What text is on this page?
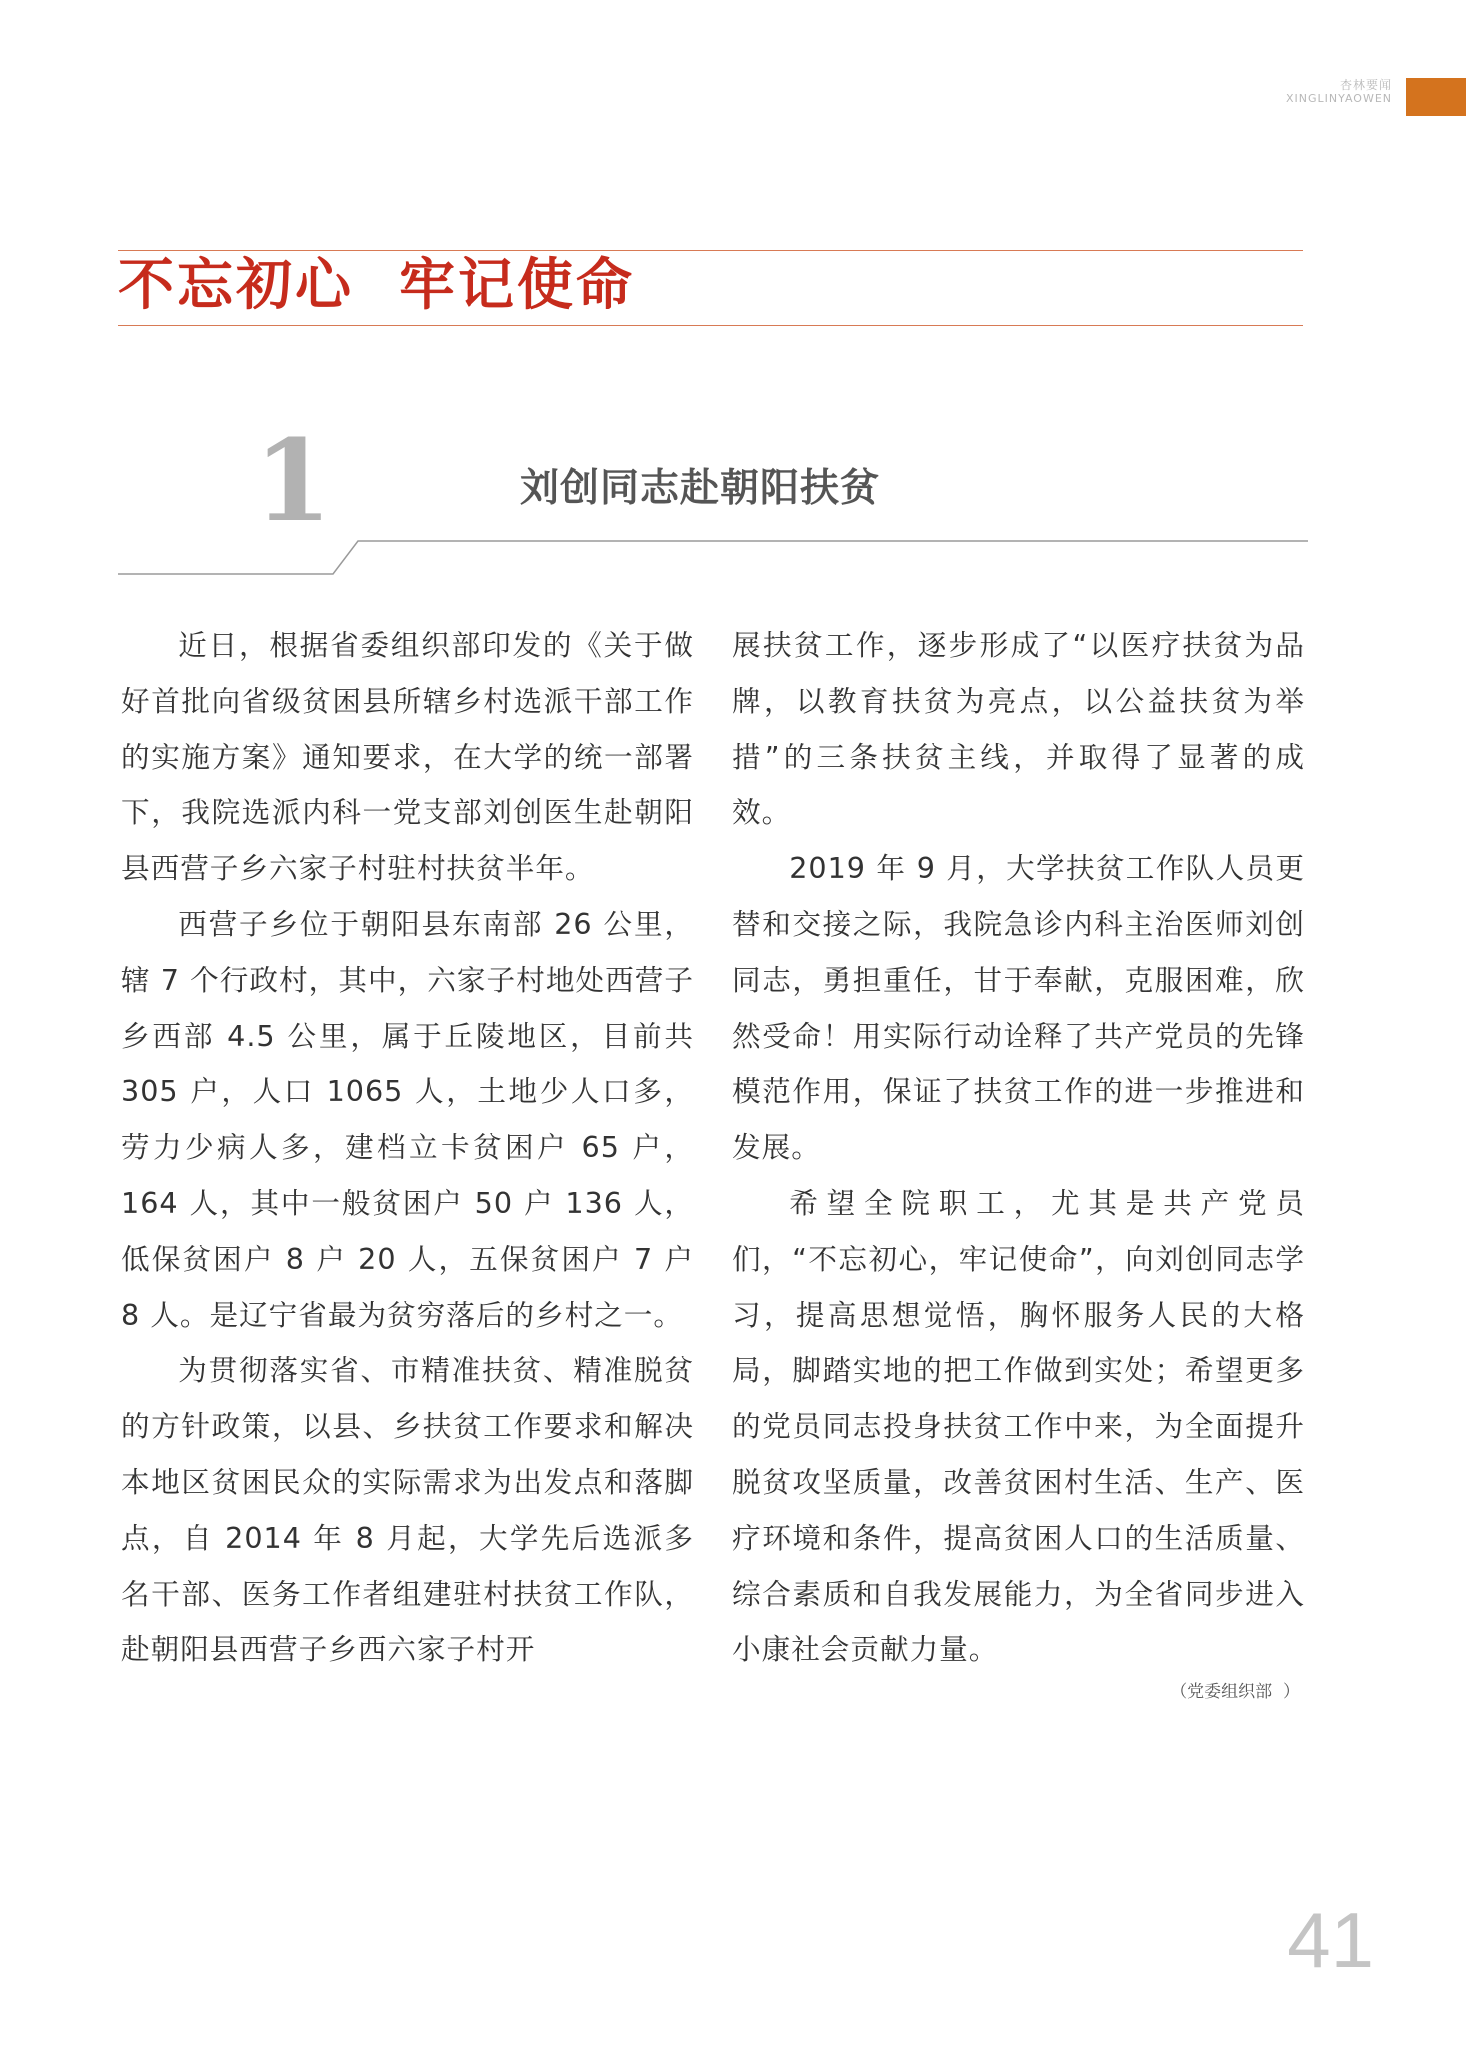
杏林要闻
XINGLINYAOWEN
不忘初心  牢记使命
1	刘创同志赴朝阳扶贫

近日，根据省委组织部印发的《关于做好首批向省级贫困县所辖乡村选派干部工作的实施方案》通知要求，在大学的统一部署下，我院选派内科一党支部刘创医生赴朝阳县西营子乡六家子村驻村扶贫半年。

西营子乡位于朝阳县东南部 26 公里，辖 7 个行政村，其中，六家子村地处西营子乡西部 4.5 公里，属于丘陵地区，目前共 305 户，人口 1065 人，土地少人口多，劳力少病人多，建档立卡贫困户 65 户，164 人，其中一般贫困户 50 户 136 人，低保贫困户 8 户 20 人，五保贫困户 7 户 8 人。是辽宁省最为贫穷落后的乡村之一。

为贯彻落实省、市精准扶贫、精准脱贫的方针政策，以县、乡扶贫工作要求和解决本地区贫困民众的实际需求为出发点和落脚点，自 2014 年 8 月起，大学先后选派多名干部、医务工作者组建驻村扶贫工作队，赴朝阳县西营子乡西六家子村开

展扶贫工作，逐步形成了“以医疗扶贫为品牌，以教育扶贫为亮点，以公益扶贫为举措”的三条扶贫主线，并取得了显著的成效。

2019 年 9 月，大学扶贫工作队人员更替和交接之际，我院急诊内科主治医师刘创同志，勇担重任，甘于奉献，克服困难，欣然受命！用实际行动诠释了共产党员的先锋模范作用，保证了扶贫工作的进一步推进和发展。

希望全院职工，尤其是共产党员们，“不忘初心，牢记使命”，向刘创同志学习，提高思想觉悟，胸怀服务人民的大格局，脚踏实地的把工作做到实处；希望更多的党员同志投身扶贫工作中来，为全面提升脱贫攻坚质量，改善贫困村生活、生产、医疗环境和条件，提高贫困人口的生活质量、综合素质和自我发展能力，为全省同步进入小康社会贡献力量。

（党委组织部  ）
41
